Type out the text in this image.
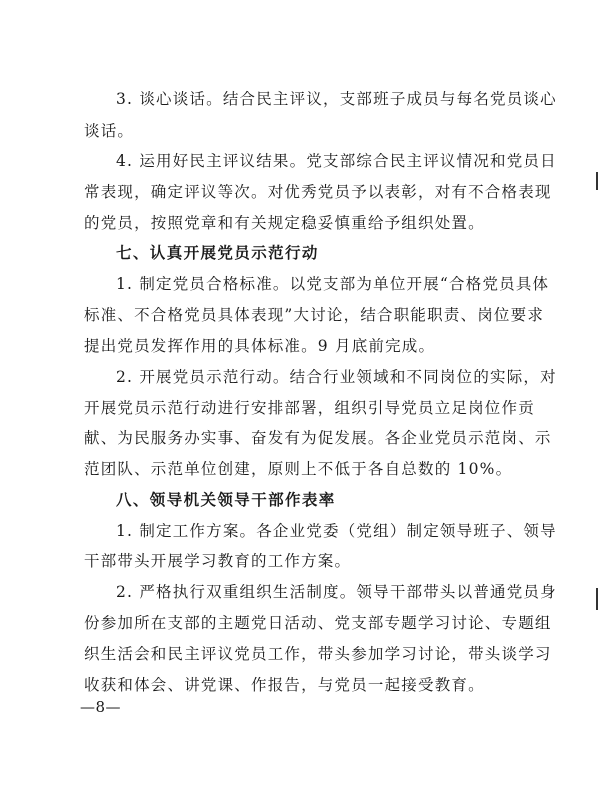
3. 谈心谈话。结合民主评议，支部班子成员与每名党员谈心
谈话。
4. 运用好民主评议结果。党支部综合民主评议情况和党员日
常表现，确定评议等次。对优秀党员予以表彰，对有不合格表现
的党员，按照党章和有关规定稳妥慎重给予组织处置。
七、认真开展党员示范行动
1. 制定党员合格标准。以党支部为单位开展“合格党员具体
标准、不合格党员具体表现”大讨论，结合职能职责、岗位要求
提出党员发挥作用的具体标准。9 月底前完成。
2. 开展党员示范行动。结合行业领域和不同岗位的实际，对
开展党员示范行动进行安排部署，组织引导党员立足岗位作贡
献、为民服务办实事、奋发有为促发展。各企业党员示范岗、示
范团队、示范单位创建，原则上不低于各自总数的 10%。
八、领导机关领导干部作表率
1. 制定工作方案。各企业党委（党组）制定领导班子、领导
干部带头开展学习教育的工作方案。
2. 严格执行双重组织生活制度。领导干部带头以普通党员身
份参加所在支部的主题党日活动、党支部专题学习讨论、专题组
织生活会和民主评议党员工作，带头参加学习讨论，带头谈学习
收获和体会、讲党课、作报告，与党员一起接受教育。
—8—
